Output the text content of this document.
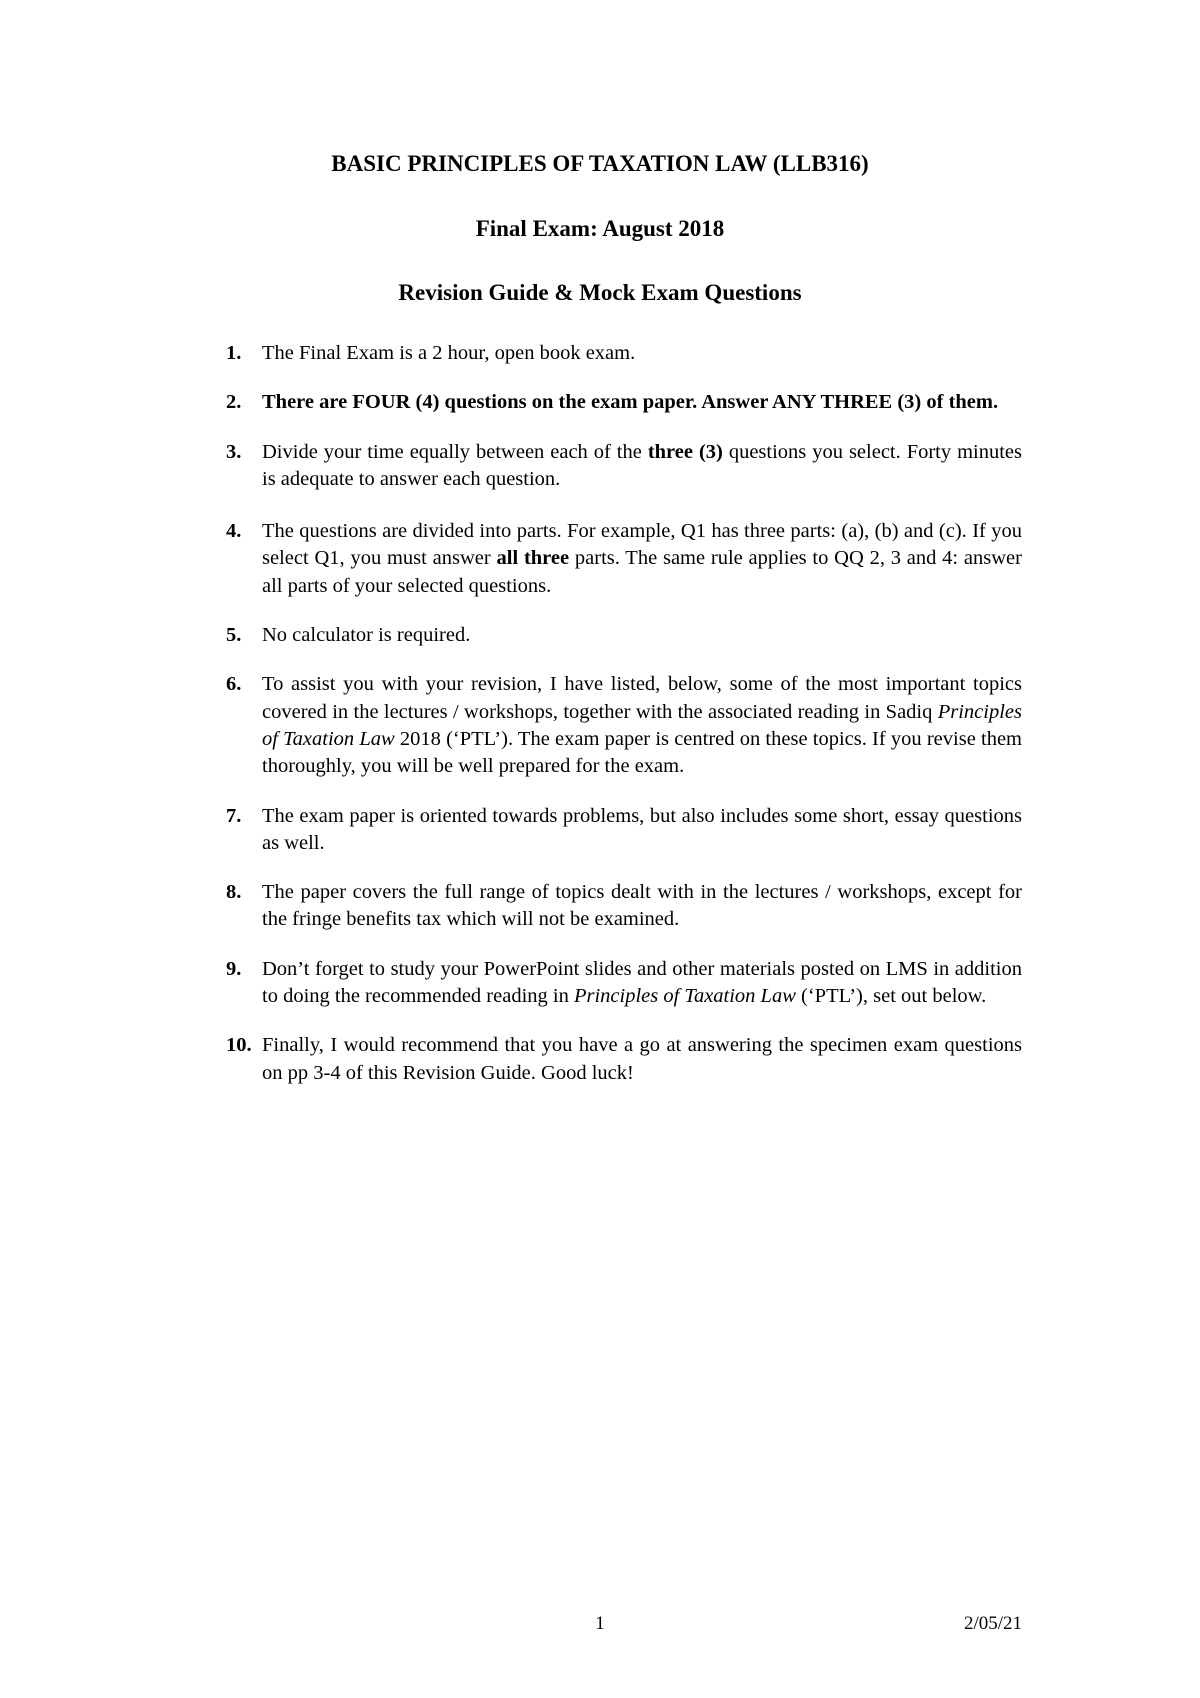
BASIC PRINCIPLES OF TAXATION LAW (LLB316)
Final Exam: August 2018
Revision Guide & Mock Exam Questions
1. The Final Exam is a 2 hour, open book exam.
2. There are FOUR (4) questions on the exam paper. Answer ANY THREE (3) of them.
3. Divide your time equally between each of the three (3) questions you select. Forty minutes is adequate to answer each question.
4. The questions are divided into parts. For example, Q1 has three parts: (a), (b) and (c). If you select Q1, you must answer all three parts. The same rule applies to QQ 2, 3 and 4: answer all parts of your selected questions.
5. No calculator is required.
6. To assist you with your revision, I have listed, below, some of the most important topics covered in the lectures / workshops, together with the associated reading in Sadiq Principles of Taxation Law 2018 (‘PTL’). The exam paper is centred on these topics. If you revise them thoroughly, you will be well prepared for the exam.
7. The exam paper is oriented towards problems, but also includes some short, essay questions as well.
8. The paper covers the full range of topics dealt with in the lectures / workshops, except for the fringe benefits tax which will not be examined.
9. Don’t forget to study your PowerPoint slides and other materials posted on LMS in addition to doing the recommended reading in Principles of Taxation Law (‘PTL’), set out below.
10. Finally, I would recommend that you have a go at answering the specimen exam questions on pp 3-4 of this Revision Guide. Good luck!
1	2/05/21
